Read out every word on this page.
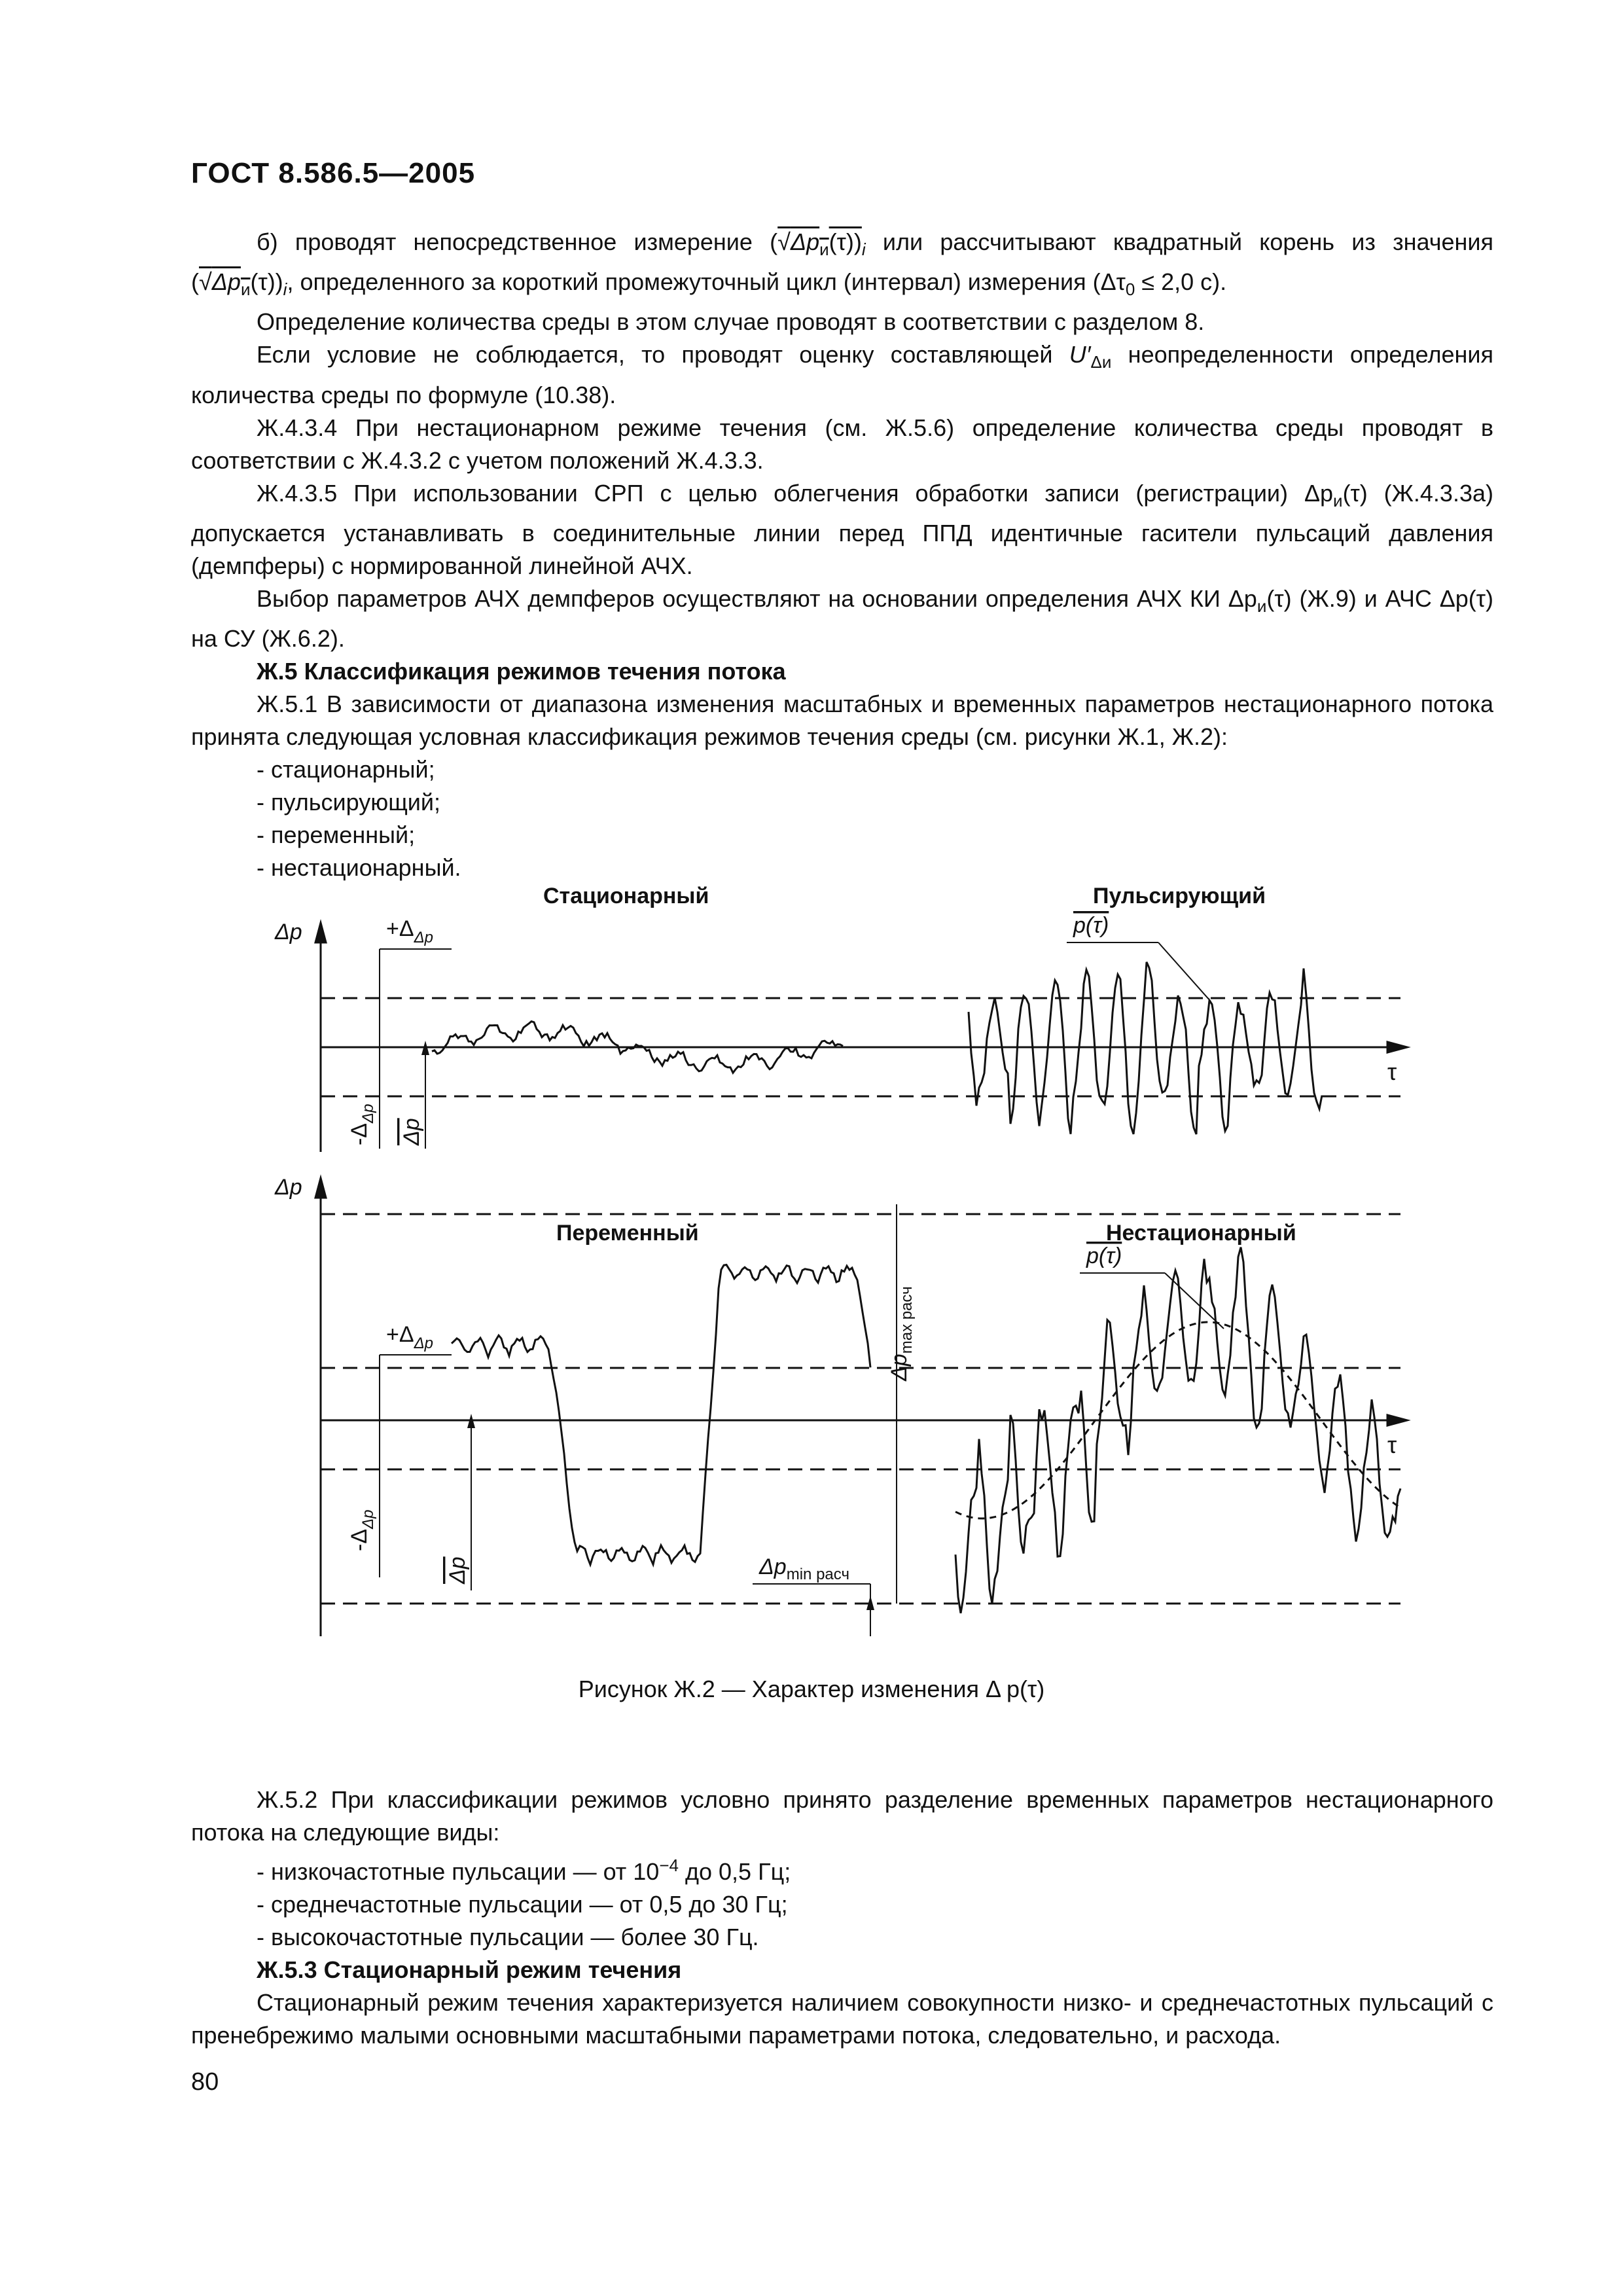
ГОСТ 8.586.5—2005

б) проводят непосредственное измерение $(√\Delta p_и(\tau))_i$ или рассчитывают квадратный корень из значения $(√\Delta p_и(\tau))_i$, определенного за короткий промежуточный цикл (интервал) измерения ($\Delta\tau_0 \le 2,0$ с).

Определение количества среды в этом случае проводят в соответствии с разделом 8.

Если условие не соблюдается, то проводят оценку составляющей $U'_{\Delta и}$ неопределенности определения количества среды по формуле (10.38).

Ж.4.3.4 При нестационарном режиме течения (см. Ж.5.6) определение количества среды проводят в соответствии с Ж.4.3.2 с учетом положений Ж.4.3.3.

Ж.4.3.5 При использовании СРП с целью облегчения обработки записи (регистрации) $\Delta p_и(\tau)$ (Ж.4.3.3а) допускается устанавливать в соединительные линии перед ППД идентичные гасители пульсаций давления (демпферы) с нормированной линейной АЧХ.

Выбор параметров АЧХ демпферов осуществляют на основании определения АЧХ КИ $\Delta p_и(\tau)$ (Ж.9) и АЧС Δp(τ) на СУ (Ж.6.2).

Ж.5 Классификация режимов течения потока

Ж.5.1 В зависимости от диапазона изменения масштабных и временных параметров нестационарного потока принята следующая условная классификация режимов течения среды (см. рисунки Ж.1, Ж.2):

- стационарный;

- пульсирующий;

- переменный;

- нестационарный.

Стационарный	Пульсирующий
Δp
τ
$+\Delta_{\Delta p}$	p(τ)
$-\Delta_{\Delta p}$
Δp
Δp
Переменный	Нестационарный
τ
$+\Delta_{\Delta p}$
p(τ)
$-\Delta_{\Delta p}$
Δp
$\Delta p_{max расч}$
$\Delta p_{min расч}$
Рисунок Ж.2 — Характер изменения Δ p(τ)

Ж.5.2 При классификации режимов условно принято разделение временных параметров нестационарного потока на следующие виды:

- низкочастотные пульсации — от $10^{-4}$ до 0,5 Гц;

- среднечастотные пульсации — от 0,5 до 30 Гц;

- высокочастотные пульсации — более 30 Гц.

Ж.5.3 Стационарный режим течения

Стационарный режим течения характеризуется наличием совокупности низко- и среднечастотных пульсаций с пренебрежимо малыми основными масштабными параметрами потока, следовательно, и расхода.

80
